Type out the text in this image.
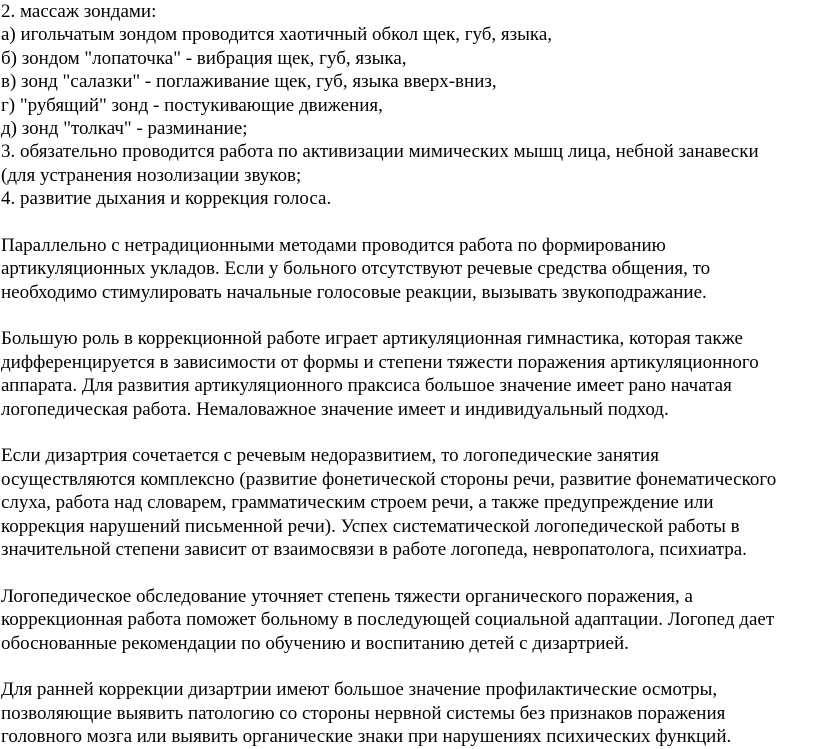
2. массаж зондами:
а) игольчатым зондом проводится хаотичный обкол щек, губ, языка,
б) зондом "лопаточка" - вибрация щек, губ, языка,
в) зонд "салазки" - поглаживание щек, губ, языка вверх-вниз,
г) "рубящий" зонд - постукивающие движения,
д) зонд "толкач" - разминание;
3. обязательно проводится работа по активизации мимических мышц лица, небной занавески
(для устранения нозолизации звуков;
4. развитие дыхания и коррекция голоса.
Параллельно с нетрадиционными методами проводится работа по формированию
артикуляционных укладов. Если у больного отсутствуют речевые средства общения, то
необходимо стимулировать начальные голосовые реакции, вызывать звукоподражание.
Большую роль в коррекционной работе играет артикуляционная гимнастика, которая также
дифференцируется в зависимости от формы и степени тяжести поражения артикуляционного
аппарата. Для развития артикуляционного праксиса большое значение имеет рано начатая
логопедическая работа. Немаловажное значение имеет и индивидуальный подход.
Если дизартрия сочетается с речевым недоразвитием, то логопедические занятия
осуществляются комплексно (развитие фонетической стороны речи, развитие фонематического
слуха, работа над словарем, грамматическим строем речи, а также предупреждение или
коррекция нарушений письменной речи). Успех систематической логопедической работы в
значительной степени зависит от взаимосвязи в работе логопеда, невропатолога, психиатра.
Логопедическое обследование уточняет степень тяжести органического поражения, а
коррекционная работа поможет больному в последующей социальной адаптации. Логопед дает
обоснованные рекомендации по обучению и воспитанию детей с дизартрией.
Для ранней коррекции дизартрии имеют большое значение профилактические осмотры,
позволяющие выявить патологию со стороны нервной системы без признаков поражения
головного мозга или выявить органические знаки при нарушениях психических функций.
